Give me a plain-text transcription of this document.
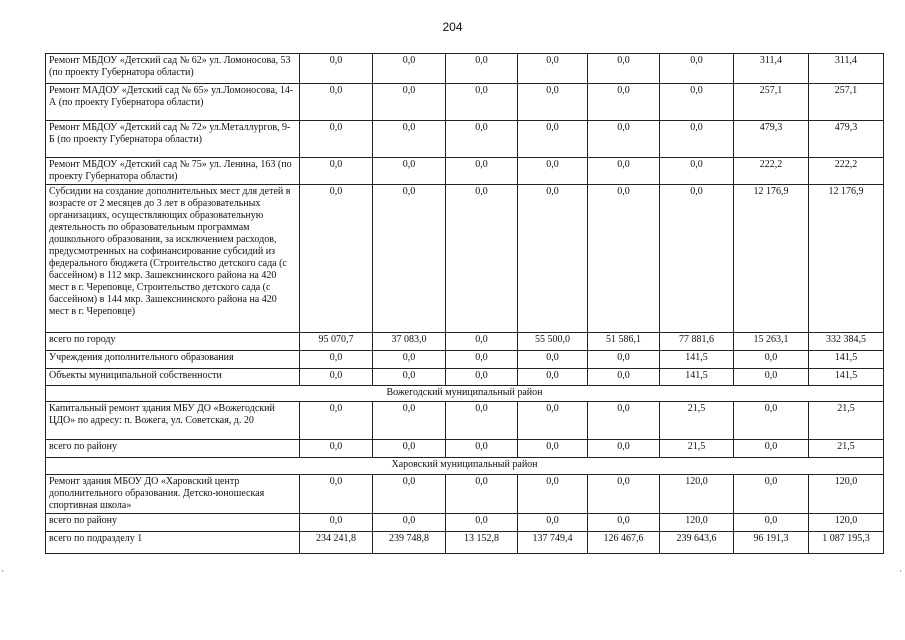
204
Ремонт МБДОУ «Детский сад № 62» ул. Ломоносова, 53 (по проекту Губернатора области)	0,0	0,0	0,0	0,0	0,0	0,0	311,4	311,4
Ремонт МАДОУ «Детский сад № 65» ул.Ломоносова, 14-А (по проекту Губернатора области)	0,0	0,0	0,0	0,0	0,0	0,0	257,1	257,1
Ремонт МБДОУ «Детский сад № 72» ул.Металлургов, 9-Б (по проекту Губернатора области)	0,0	0,0	0,0	0,0	0,0	0,0	479,3	479,3
Ремонт МБДОУ «Детский сад № 75» ул. Ленина, 163 (по проекту Губернатора области)	0,0	0,0	0,0	0,0	0,0	0,0	222,2	222,2
Субсидии на создание дополнительных мест для детей в возрасте от 2 месяцев до 3 лет в образовательных организациях, осуществляющих образовательную деятельность по образовательным программам дошкольного образования, за исключением расходов, предусмотренных на софинансирование субсидий из федерального бюджета (Строительство детского сада (с бассейном) в 112 мкр. Зашекснинского района на 420 мест в г. Череповце, Строительство детского сада (с бассейном) в 144 мкр. Зашекснинского района на 420 мест в г. Череповце)	0,0	0,0	0,0	0,0	0,0	0,0	12 176,9	12 176,9
всего по городу	95 070,7	37 083,0	0,0	55 500,0	51 586,1	77 881,6	15 263,1	332 384,5
Учреждения дополнительного образования	0,0	0,0	0,0	0,0	0,0	141,5	0,0	141,5
Объекты муниципальной собственности	0,0	0,0	0,0	0,0	0,0	141,5	0,0	141,5
Вожегодский муниципальный район								
Капитальный ремонт здания МБУ ДО «Вожегодский ЦДО» по адресу: п. Вожега, ул. Советская, д. 20	0,0	0,0	0,0	0,0	0,0	21,5	0,0	21,5
всего по району	0,0	0,0	0,0	0,0	0,0	21,5	0,0	21,5
Харовский муниципальный район								
Ремонт здания МБОУ ДО «Харовский центр дополнительного образования. Детско-юношеская спортивная школа»	0,0	0,0	0,0	0,0	0,0	120,0	0,0	120,0
всего по району	0,0	0,0	0,0	0,0	0,0	120,0	0,0	120,0
всего по подразделу 1	234 241,8	239 748,8	13 152,8	137 749,4	126 467,6	239 643,6	96 191,3	1 087 195,3
·	·
